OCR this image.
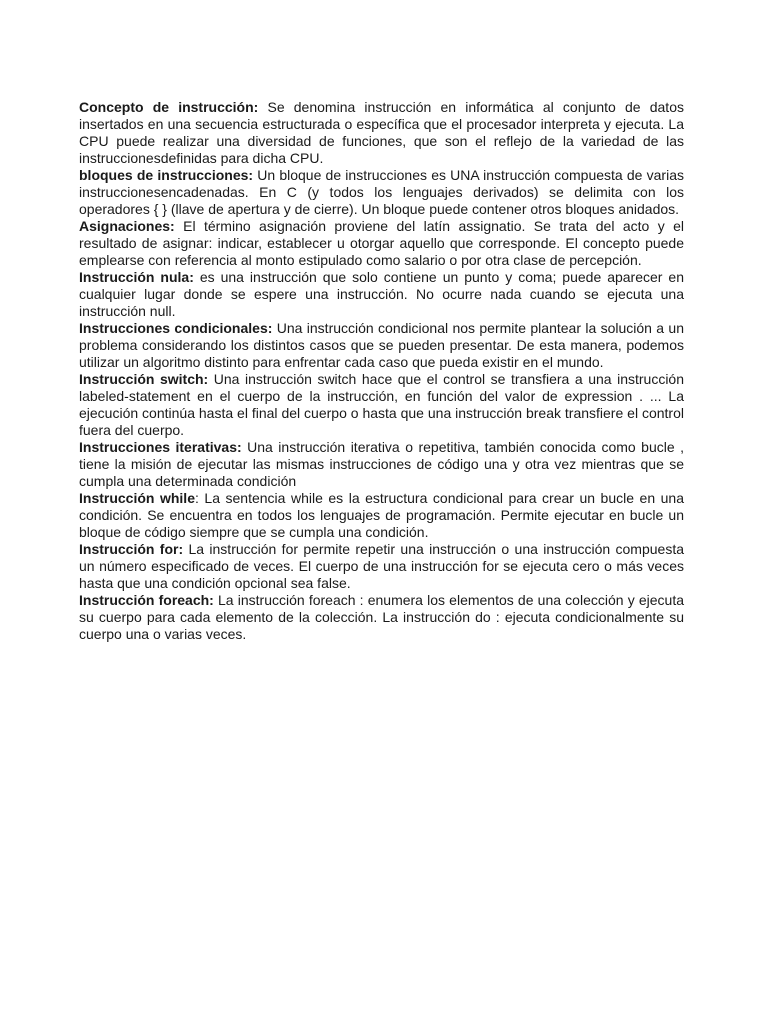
Concepto de instrucción: Se denomina instrucción en informática al conjunto de datos insertados en una secuencia estructurada o específica que el procesador interpreta y ejecuta. La CPU puede realizar una diversidad de funciones, que son el reflejo de la variedad de las instruccionesdefinidas para dicha CPU.

bloques de instrucciones: Un bloque de instrucciones es UNA instrucción compuesta de varias instruccionesencadenadas. En C (y todos los lenguajes derivados) se delimita con los operadores { } (llave de apertura y de cierre). Un bloque puede contener otros bloques anidados.

Asignaciones: El término asignación proviene del latín assignatio. Se trata del acto y el resultado de asignar: indicar, establecer u otorgar aquello que corresponde. El concepto puede emplearse con referencia al monto estipulado como salario o por otra clase de percepción.

Instrucción nula: es una instrucción que solo contiene un punto y coma; puede aparecer en cualquier lugar donde se espere una instrucción. No ocurre nada cuando se ejecuta una instrucción null.

Instrucciones condicionales: Una instrucción condicional nos permite plantear la solución a un problema considerando los distintos casos que se pueden presentar. De esta manera, podemos utilizar un algoritmo distinto para enfrentar cada caso que pueda existir en el mundo.

Instrucción switch: Una instrucción switch hace que el control se transfiera a una instrucción labeled-statement en el cuerpo de la instrucción, en función del valor de expression . ... La ejecución continúa hasta el final del cuerpo o hasta que una instrucción break transfiere el control fuera del cuerpo.

Instrucciones iterativas: Una instrucción iterativa o repetitiva, también conocida como bucle , tiene la misión de ejecutar las mismas instrucciones de código una y otra vez mientras que se cumpla una determinada condición

Instrucción while: La sentencia while es la estructura condicional para crear un bucle en una condición. Se encuentra en todos los lenguajes de programación. Permite ejecutar en bucle un bloque de código siempre que se cumpla una condición.

Instrucción for: La instrucción for permite repetir una instrucción o una instrucción compuesta un número especificado de veces. El cuerpo de una instrucción for se ejecuta cero o más veces hasta que una condición opcional sea false.

Instrucción foreach: La instrucción foreach : enumera los elementos de una colección y ejecuta su cuerpo para cada elemento de la colección. La instrucción do : ejecuta condicionalmente su cuerpo una o varias veces.
